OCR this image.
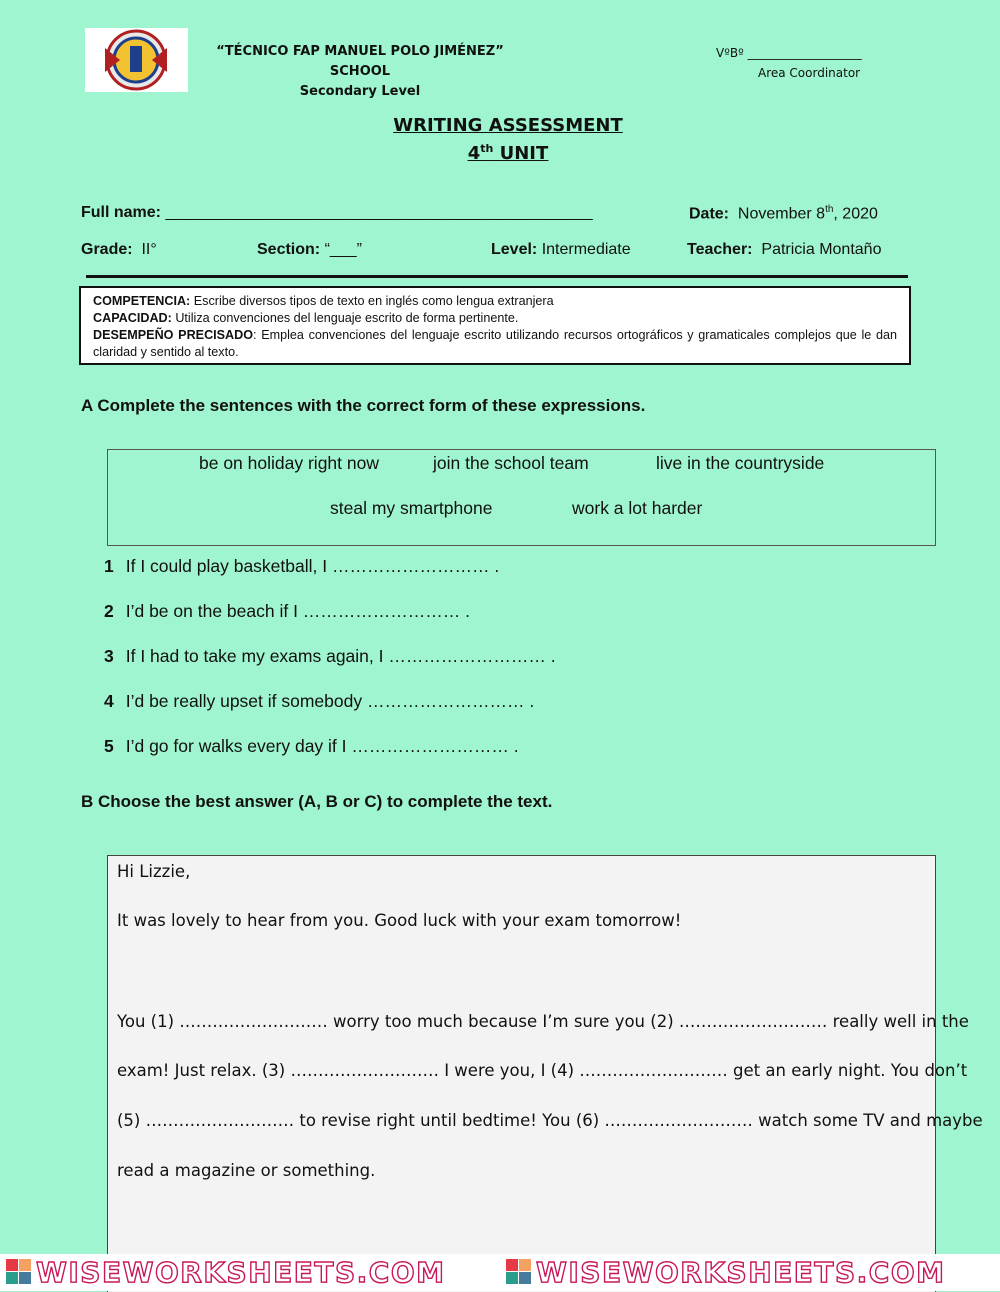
“TÉCNICO FAP MANUEL POLO JIMÉNEZ” SCHOOL
Secondary Level
VºBº ___________________
Area Coordinator
WRITING ASSESSMENT
4th UNIT
Full name: ________________________________________________	Date: November 8th, 2020
Grade: II°	Section: “___”	Level: Intermediate	Teacher: Patricia Montaño

COMPETENCIA: Escribe diversos tipos de texto en inglés como lengua extranjera

CAPACIDAD: Utiliza convenciones del lenguaje escrito de forma pertinente.

DESEMPEÑO PRECISADO: Emplea convenciones del lenguaje escrito utilizando recursos ortográficos y gramaticales complejos que le dan claridad y sentido al texto.

A Complete the sentences with the correct form of these expressions.
be on holiday right now	join the school team	live in the countryside
steal my smartphone	work a lot harder
1 If I could play basketball, I ……………………… .
2 I’d be on the beach if I ……………………… .
3 If I had to take my exams again, I ……………………… .
4 I’d be really upset if somebody ……………………… .
5 I’d go for walks every day if I ……………………… .
B Choose the best answer (A, B or C) to complete the text.
Hi Lizzie,
It was lovely to hear from you. Good luck with your exam tomorrow!
You (1) ……………………… worry too much because I’m sure you (2) ……………………… really well in the
exam! Just relax. (3) ……………………… I were you, I (4) ……………………… get an early night. You don’t
(5) ……………………… to revise right until bedtime! You (6) ……………………… watch some TV and maybe
read a magazine or something.
WISEWORKSHEETS.COM	WISEWORKSHEETS.COM
